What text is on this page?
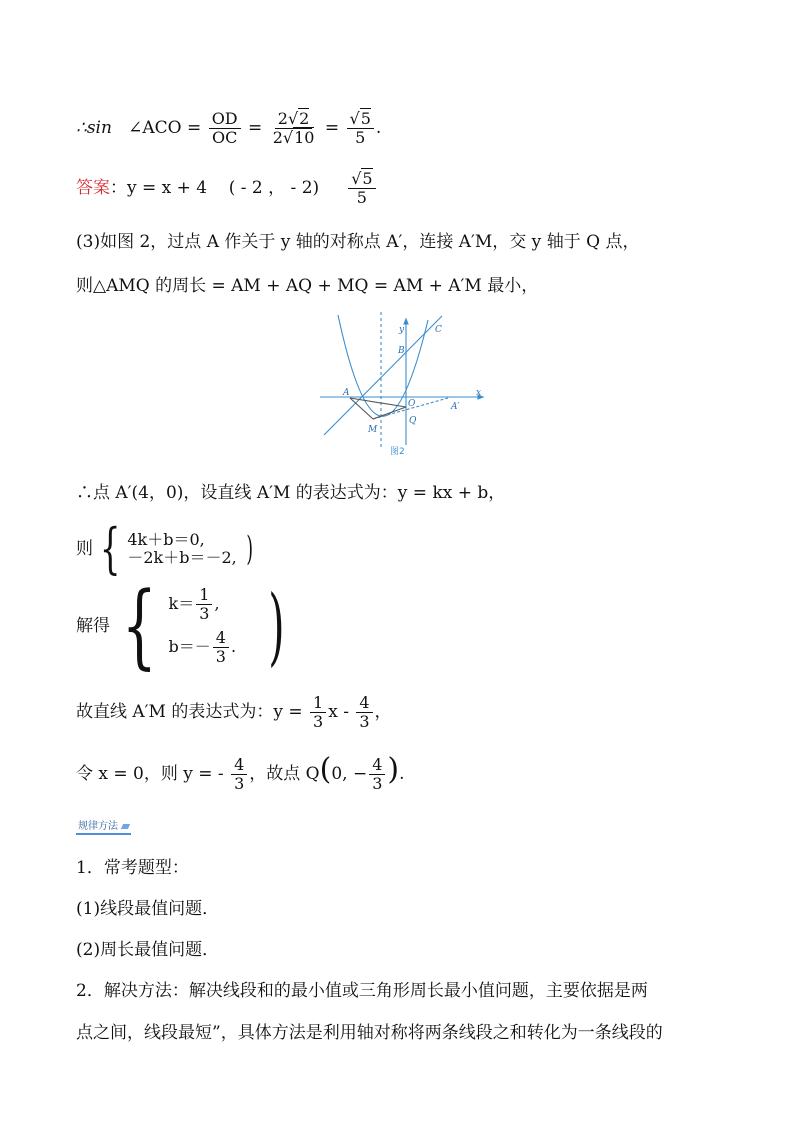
∴sin ∠ACO = $\frac{OD}{OC} = \frac{2√2}{2√10} = \frac{√5}{5}$ .
答案：y = x + 4 ( - 2 ， - $2) \frac{√5}{5}$
(3)如图 2，过点 A 作关于 y 轴的对称点 A′，连接 A′M，交 y 轴于 Q 点，
则△AMQ 的周长 = AM + AQ + MQ = AM + A′M 最小，
y
x
C
B
A
O	A′
M
Q
图2
∴点 A′(4，0)，设直线 A′M 的表达式为：y = kx + b，
则 { 4k＋b＝0,
－2k＋b＝－2, )
解得 { $k= \frac{1}{3}$ ,
$b=- \frac{4}{3}$ . )
故直线 A′M 的表达式为：$y = \frac{1}{3}$ x - $\frac{4}{3}$ ，
令 x = 0，则 y = - $\frac{4}{3}$ ，故点 Q(0, − $\frac{4}{3}$ ).
规律方法
1．常考题型：
(1)线段最值问题．
(2)周长最值问题．
2．解决方法：解决线段和的最小值或三角形周长最小值问题，主要依据是两
点之间，线段最短”，具体方法是利用轴对称将两条线段之和转化为一条线段的
